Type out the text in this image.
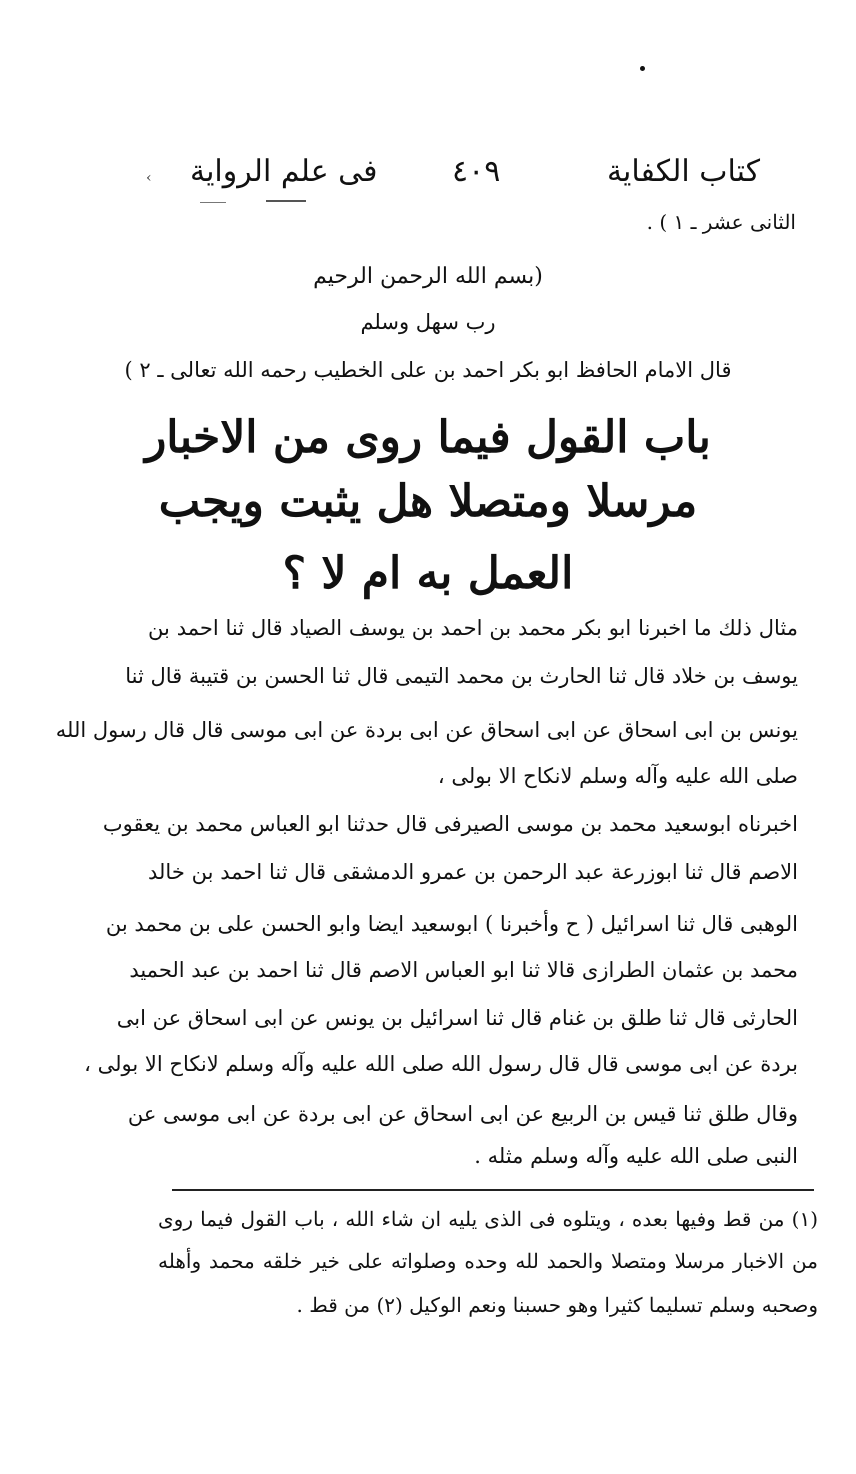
›	كتاب الكفاية
٤٠٩
فى علم الرواية
الثانى عشر ـ ١ ) .
(بسم الله الرحمن الرحيم
رب سهل وسلم
قال الامام الحافظ ابو بكر احمد بن على الخطيب رحمه الله تعالى ـ ٢ )
باب القول فيما روى من الاخبار
مرسلا ومتصلا هل يثبت ويجب
العمل به ام لا ؟
مثال ذلك ما اخبرنا ابو بكر محمد بن احمد بن يوسف الصياد قال ثنا احمد بن
يوسف بن خلاد قال ثنا الحارث بن محمد التيمى قال ثنا الحسن بن قتيبة قال ثنا
يونس بن ابى اسحاق عن ابى اسحاق عن ابى بردة عن ابى موسى قال قال رسول الله
صلى الله عليه وآله وسلم لانكاح الا بولى ،
اخبرناه ابوسعيد محمد بن موسى الصيرفى قال حدثنا ابو العباس محمد بن يعقوب
الاصم قال ثنا ابوزرعة عبد الرحمن بن عمرو الدمشقى قال ثنا احمد بن خالد
الوهبى قال ثنا اسرائيل ( ح وأخبرنا ) ابوسعيد ايضا وابو الحسن على بن محمد بن
محمد بن عثمان الطرازى قالا ثنا ابو العباس الاصم قال ثنا احمد بن عبد الحميد
الحارثى قال ثنا طلق بن غنام قال ثنا اسرائيل بن يونس عن ابى اسحاق عن ابى
بردة عن ابى موسى قال قال رسول الله صلى الله عليه وآله وسلم لانكاح الا بولى ،
وقال طلق ثنا قيس بن الربيع عن ابى اسحاق عن ابى بردة عن ابى موسى عن
النبى صلى الله عليه وآله وسلم مثله .
(١) من قط وفيها بعده ، ويتلوه فى الذى يليه ان شاء الله ، باب القول فيما روى
من الاخبار مرسلا ومتصلا والحمد لله وحده وصلواته على خير خلقه محمد وأهله
وصحبه وسلم تسليما كثيرا وهو حسبنا ونعم الوكيل (٢) من قط .
